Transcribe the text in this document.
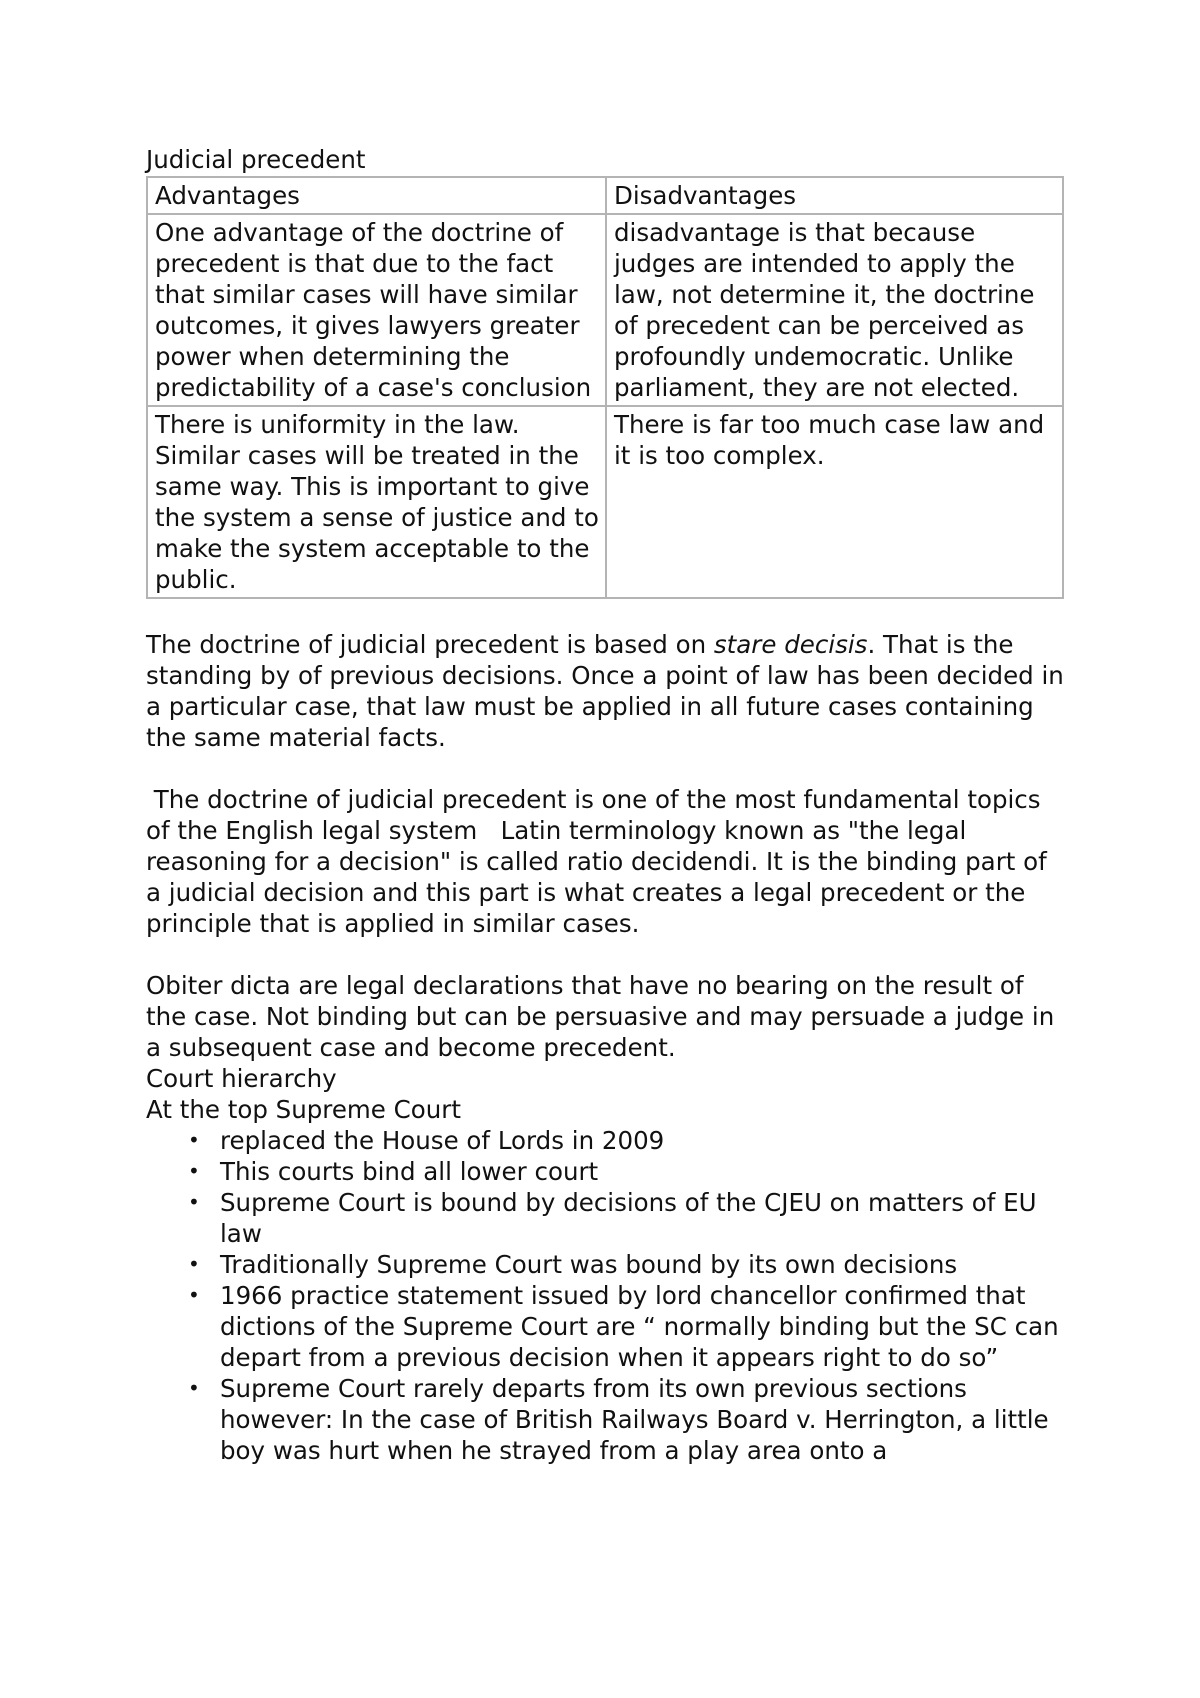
Judicial precedent

Advantages	Disadvantages
One advantage of the doctrine of precedent is that due to the fact that similar cases will have similar outcomes, it gives lawyers greater power when determining the predictability of a case's conclusion	disadvantage is that because judges are intended to apply the law, not determine it, the doctrine of precedent can be perceived as profoundly undemocratic. Unlike parliament, they are not elected.
There is uniformity in the law. Similar cases will be treated in the same way. This is important to give the system a sense of justice and to make the system acceptable to the public.	There is far too much case law and it is too complex.

The doctrine of judicial precedent is based on stare decisis. That is the standing by of previous decisions. Once a point of law has been decided in a particular case, that law must be applied in all future cases containing the same material facts.

The doctrine of judicial precedent is one of the most fundamental topics of the English legal system   Latin terminology known as "the legal reasoning for a decision" is called ratio decidendi. It is the binding part of a judicial decision and this part is what creates a legal precedent or the principle that is applied in similar cases.

Obiter dicta are legal declarations that have no bearing on the result of the case. Not binding but can be persuasive and may persuade a judge in a subsequent case and become precedent.

Court hierarchy

At the top Supreme Court

• replaced the House of Lords in 2009
• This courts bind all lower court
• Supreme Court is bound by decisions of the CJEU on matters of EU law
• Traditionally Supreme Court was bound by its own decisions
• 1966 practice statement issued by lord chancellor confirmed that dictions of the Supreme Court are “ normally binding but the SC can depart from a previous decision when it appears right to do so”
• Supreme Court rarely departs from its own previous sections however: In the case of British Railways Board v. Herrington, a little boy was hurt when he strayed from a play area onto a
